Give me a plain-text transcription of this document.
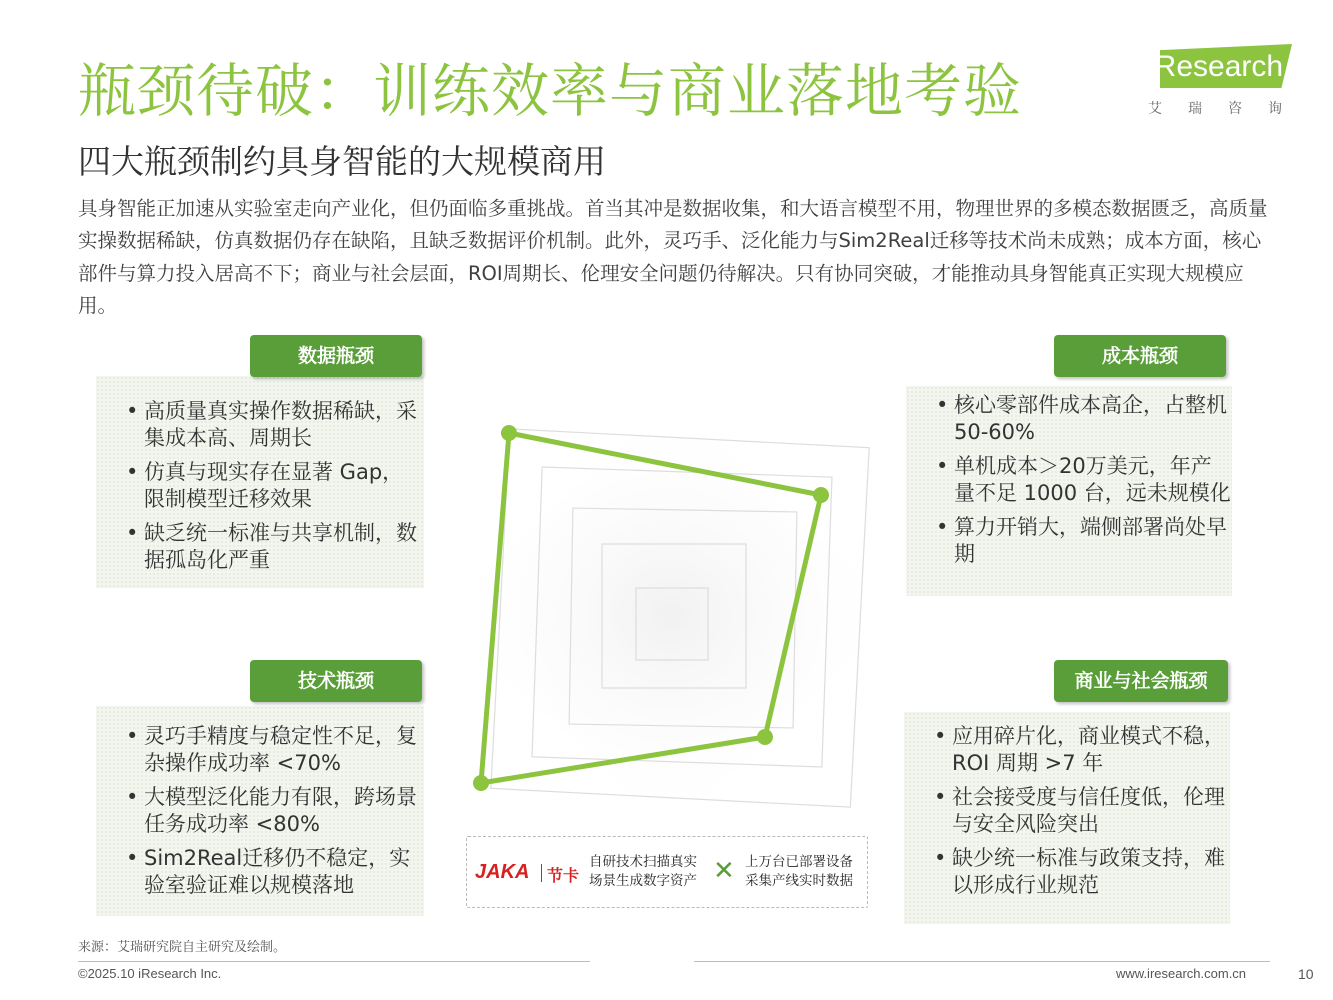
瓶颈待破：训练效率与商业落地考验	iResearch
艾瑞咨询
四大瓶颈制约具身智能的大规模商用
具身智能正加速从实验室走向产业化，但仍面临多重挑战。首当其冲是数据收集，和大语言模型不用，物理世界的多模态数据匮乏，高质量实操数据稀缺，仿真数据仍存在缺陷，且缺乏数据评价机制。此外，灵巧手、泛化能力与Sim2Real迁移等技术尚未成熟；成本方面，核心部件与算力投入居高不下；商业与社会层面，ROI周期长、伦理安全问题仍待解决。只有协同突破，才能推动具身智能真正实现大规模应用。
• 高质量真实操作数据稀缺，采集成本高、周期长
• 仿真与现实存在显著 Gap，限制模型迁移效果
• 缺乏统一标准与共享机制，数据孤岛化严重
数据瓶颈
• 核心零部件成本高企，占整机50-60%
• 单机成本＞20万美元，年产量不足 1000 台，远未规模化
• 算力开销大，端侧部署尚处早期
成本瓶颈
• 灵巧手精度与稳定性不足，复杂操作成功率 <70%
• 大模型泛化能力有限，跨场景任务成功率 <80%
• Sim2Real迁移仍不稳定，实验室验证难以规模落地
技术瓶颈
• 应用碎片化，商业模式不稳，ROI 周期 >7 年
• 社会接受度与信任度低，伦理与安全风险突出
• 缺少统一标准与政策支持，难以形成行业规范
商业与社会瓶颈
JAKA 节卡
自研技术扫描真实
场景生成数字资产 ✕ 上万台已部署设备
采集产线实时数据
来源：艾瑞研究院自主研究及绘制。
©2025.10 iResearch Inc.	www.iresearch.com.cn	10
